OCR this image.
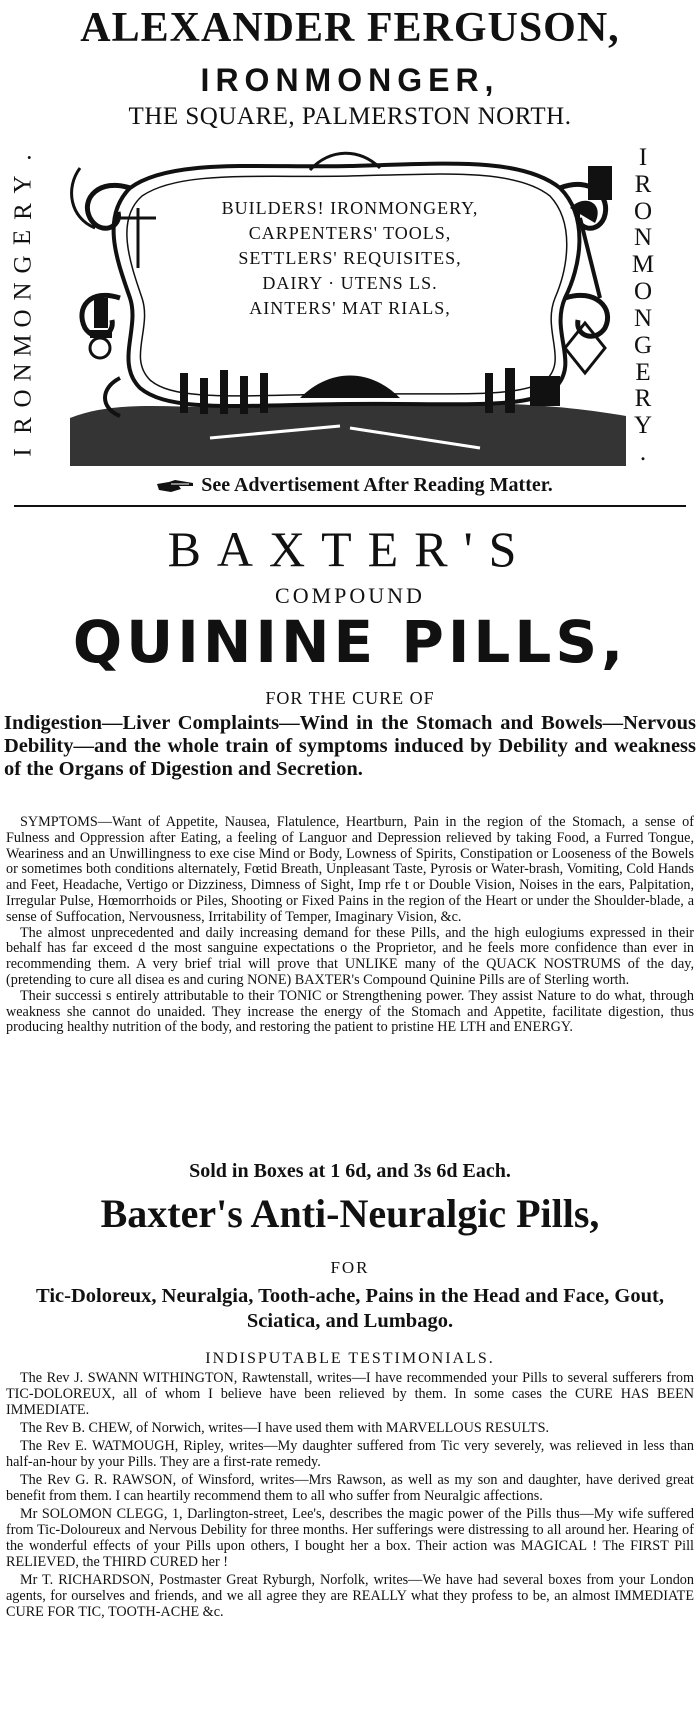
ALEXANDER FERGUSON,
IRONMONGER,
THE SQUARE, PALMERSTON NORTH.
.
Y
R
E
G
N
O
M
N
O
R
I
I
R
O
N
M
O
N
G
E
R
Y
.
BUILDERS! IRONMONGERY,
CARPENTERS' TOOLS,
SETTLERS' REQUISITES,
DAIRY · UTENS LS.
AINTERS' MAT RIALS,
See Advertisement After Reading Matter.
BAXTER'S
COMPOUND
QUININE PILLS,
FOR THE CURE OF
Indigestion—Liver Complaints—Wind in the Stomach and Bowels—Nervous Debility—and the whole train of symptoms induced by Debility and weakness of the Organs of Digestion and Secretion.

SYMPTOMS—Want of Appetite, Nausea, Flatulence, Heartburn, Pain in the region of the Stomach, a sense of Fulness and Oppression after Eating, a feeling of Languor and Depression relieved by taking Food, a Furred Tongue, Weariness and an Unwillingness to exe cise Mind or Body, Lowness of Spirits, Constipation or Looseness of the Bowels or sometimes both conditions alternately, Fœtid Breath, Unpleasant Taste, Pyrosis or Water-brash, Vomiting, Cold Hands and Feet, Headache, Vertigo or Dizziness, Dimness of Sight, Imp rfe t or Double Vision, Noises in the ears, Palpitation, Irregular Pulse, Hœmorrhoids or Piles, Shooting or Fixed Pains in the region of the Heart or under the Shoulder-blade, a sense of Suffocation, Nervousness, Irritability of Temper, Imaginary Vision, &c.

The almost unprecedented and daily increasing demand for these Pills, and the high eulogiums expressed in their behalf has far exceed d the most sanguine expectations o the Proprietor, and he feels more confidence than ever in recommending them. A very brief trial will prove that UNLIKE many of the QUACK NOSTRUMS of the day, (pretending to cure all disea es and curing NONE) BAXTER's Compound Quinine Pills are of Sterling worth.

Their successi s entirely attributable to their TONIC or Strengthening power. They assist Nature to do what, through weakness she cannot do unaided. They increase the energy of the Stomach and Appetite, facilitate digestion, thus producing healthy nutrition of the body, and restoring the patient to pristine HE LTH and ENERGY.

Sold in Boxes at 1 6d, and 3s 6d Each.
Baxter's Anti-Neuralgic Pills,
FOR
Tic-Doloreux, Neuralgia, Tooth-ache, Pains in the Head and Face, Gout, Sciatica, and Lumbago.
INDISPUTABLE TESTIMONIALS.

The Rev J. SWANN WITHINGTON, Rawtenstall, writes—I have recommended your Pills to several sufferers from TIC-DOLOREUX, all of whom I believe have been relieved by them. In some cases the CURE HAS BEEN IMMEDIATE.

The Rev B. CHEW, of Norwich, writes—I have used them with MARVELLOUS RESULTS.

The Rev E. WATMOUGH, Ripley, writes—My daughter suffered from Tic very severely, was relieved in less than half-an-hour by your Pills. They are a first-rate remedy.

The Rev G. R. RAWSON, of Winsford, writes—Mrs Rawson, as well as my son and daughter, have derived great benefit from them. I can heartily recommend them to all who suffer from Neuralgic affections.

Mr SOLOMON CLEGG, 1, Darlington-street, Lee's, describes the magic power of the Pills thus—My wife suffered from Tic-Doloureux and Nervous Debility for three months. Her sufferings were distressing to all around her. Hearing of the wonderful effects of your Pills upon others, I bought her a box. Their action was MAGICAL ! The FIRST Pill RELIEVED, the THIRD CURED her !

Mr T. RICHARDSON, Postmaster Great Ryburgh, Norfolk, writes—We have had several boxes from your London agents, for ourselves and friends, and we all agree they are REALLY what they profess to be, an almost IMMEDIATE CURE FOR TIC, TOOTH-ACHE &c.
